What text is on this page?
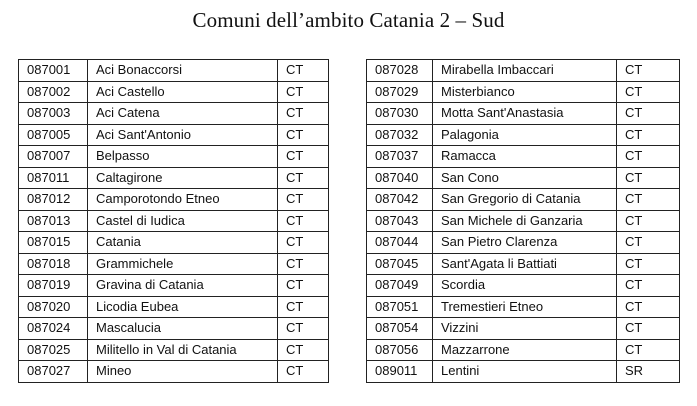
Comuni dell’ambito Catania 2 – Sud
087001	Aci Bonaccorsi	CT
087002	Aci Castello	CT
087003	Aci Catena	CT
087005	Aci Sant'Antonio	CT
087007	Belpasso	CT
087011	Caltagirone	CT
087012	Camporotondo Etneo	CT
087013	Castel di Iudica	CT
087015	Catania	CT
087018	Grammichele	CT
087019	Gravina di Catania	CT
087020	Licodia Eubea	CT
087024	Mascalucia	CT
087025	Militello in Val di Catania	CT
087027	Mineo	CT
087028	Mirabella Imbaccari	CT
087029	Misterbianco	CT
087030	Motta Sant'Anastasia	CT
087032	Palagonia	CT
087037	Ramacca	CT
087040	San Cono	CT
087042	San Gregorio di Catania	CT
087043	San Michele di Ganzaria	CT
087044	San Pietro Clarenza	CT
087045	Sant'Agata li Battiati	CT
087049	Scordia	CT
087051	Tremestieri Etneo	CT
087054	Vizzini	CT
087056	Mazzarrone	CT
089011	Lentini	SR
